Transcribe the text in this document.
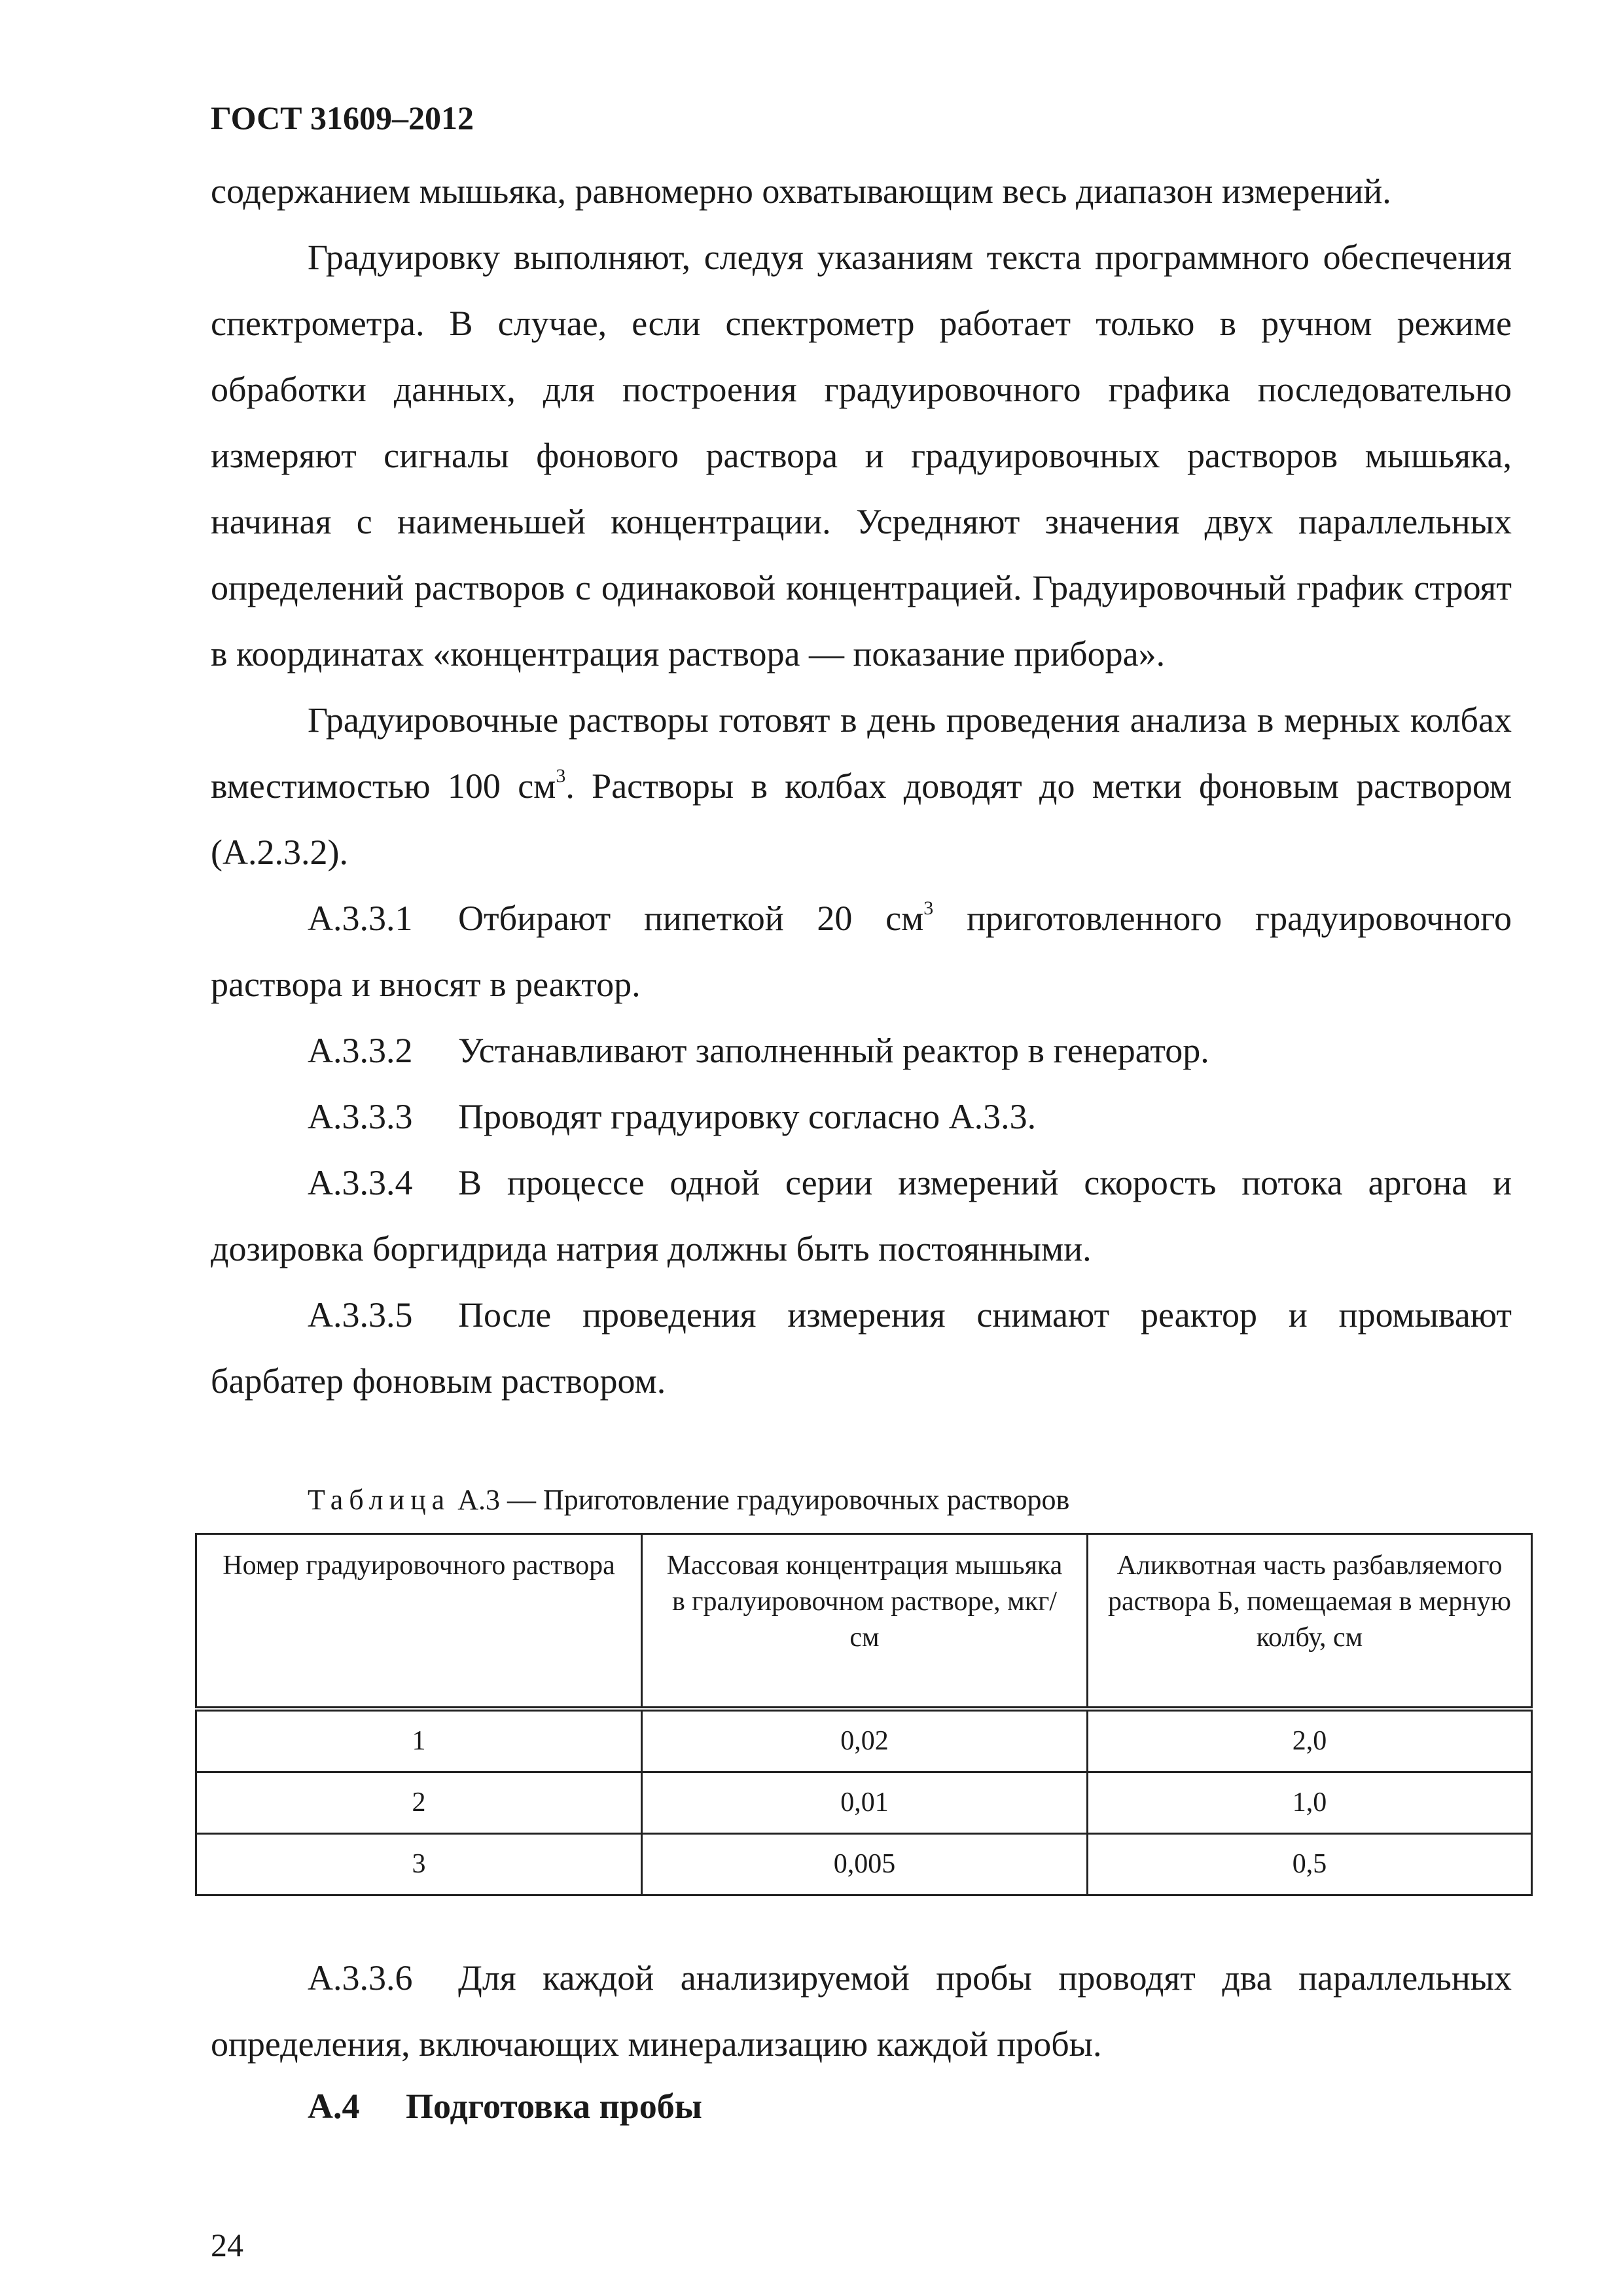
ГОСТ 31609–2012

содержанием мышьяка, равномерно охватывающим весь диапазон измерений.

Градуировку выполняют, следуя указаниям текста программного обеспечения спектрометра. В случае, если спектрометр работает только в ручном режиме обработки данных, для построения градуировочного графика последовательно измеряют сигналы фонового раствора и градуировочных растворов мышьяка, начиная с наименьшей концентрации. Усредняют значения двух параллельных определений растворов с одинаковой концентрацией. Градуировочный график строят в координатах «концентрация раствора — показание прибора».

Градуировочные растворы готовят в день проведения анализа в мерных колбах вместимостью 100 $см^3$. Растворы в колбах доводят до метки фоновым раствором (А.2.3.2).

А.3.3.1 Отбирают пипеткой 20 $см^3$ приготовленного градуировочного раствора и вносят в реактор.

А.3.3.2 Устанавливают заполненный реактор в генератор.

А.3.3.3 Проводят градуировку согласно А.3.3.

А.3.3.4 В процессе одной серии измерений скорость потока аргона и дозировка боргидрида натрия должны быть постоянными.

А.3.3.5 После проведения измерения снимают реактор и промывают барбатер фоновым раствором.

Таблица А.3 — Приготовление градуировочных растворов
Номер градуировочного раствора	Массовая концентрация мышьяка в гралуировочном растворе, мкг/см	Аликвотная часть разбавляемого раствора Б, помещаемая в мерную колбу, см
1	0,02	2,0
2	0,01	1,0
3	0,005	0,5

А.3.3.6 Для каждой анализируемой пробы проводят два параллельных определения, включающих минерализацию каждой пробы.

А.4 Подготовка пробы
24
